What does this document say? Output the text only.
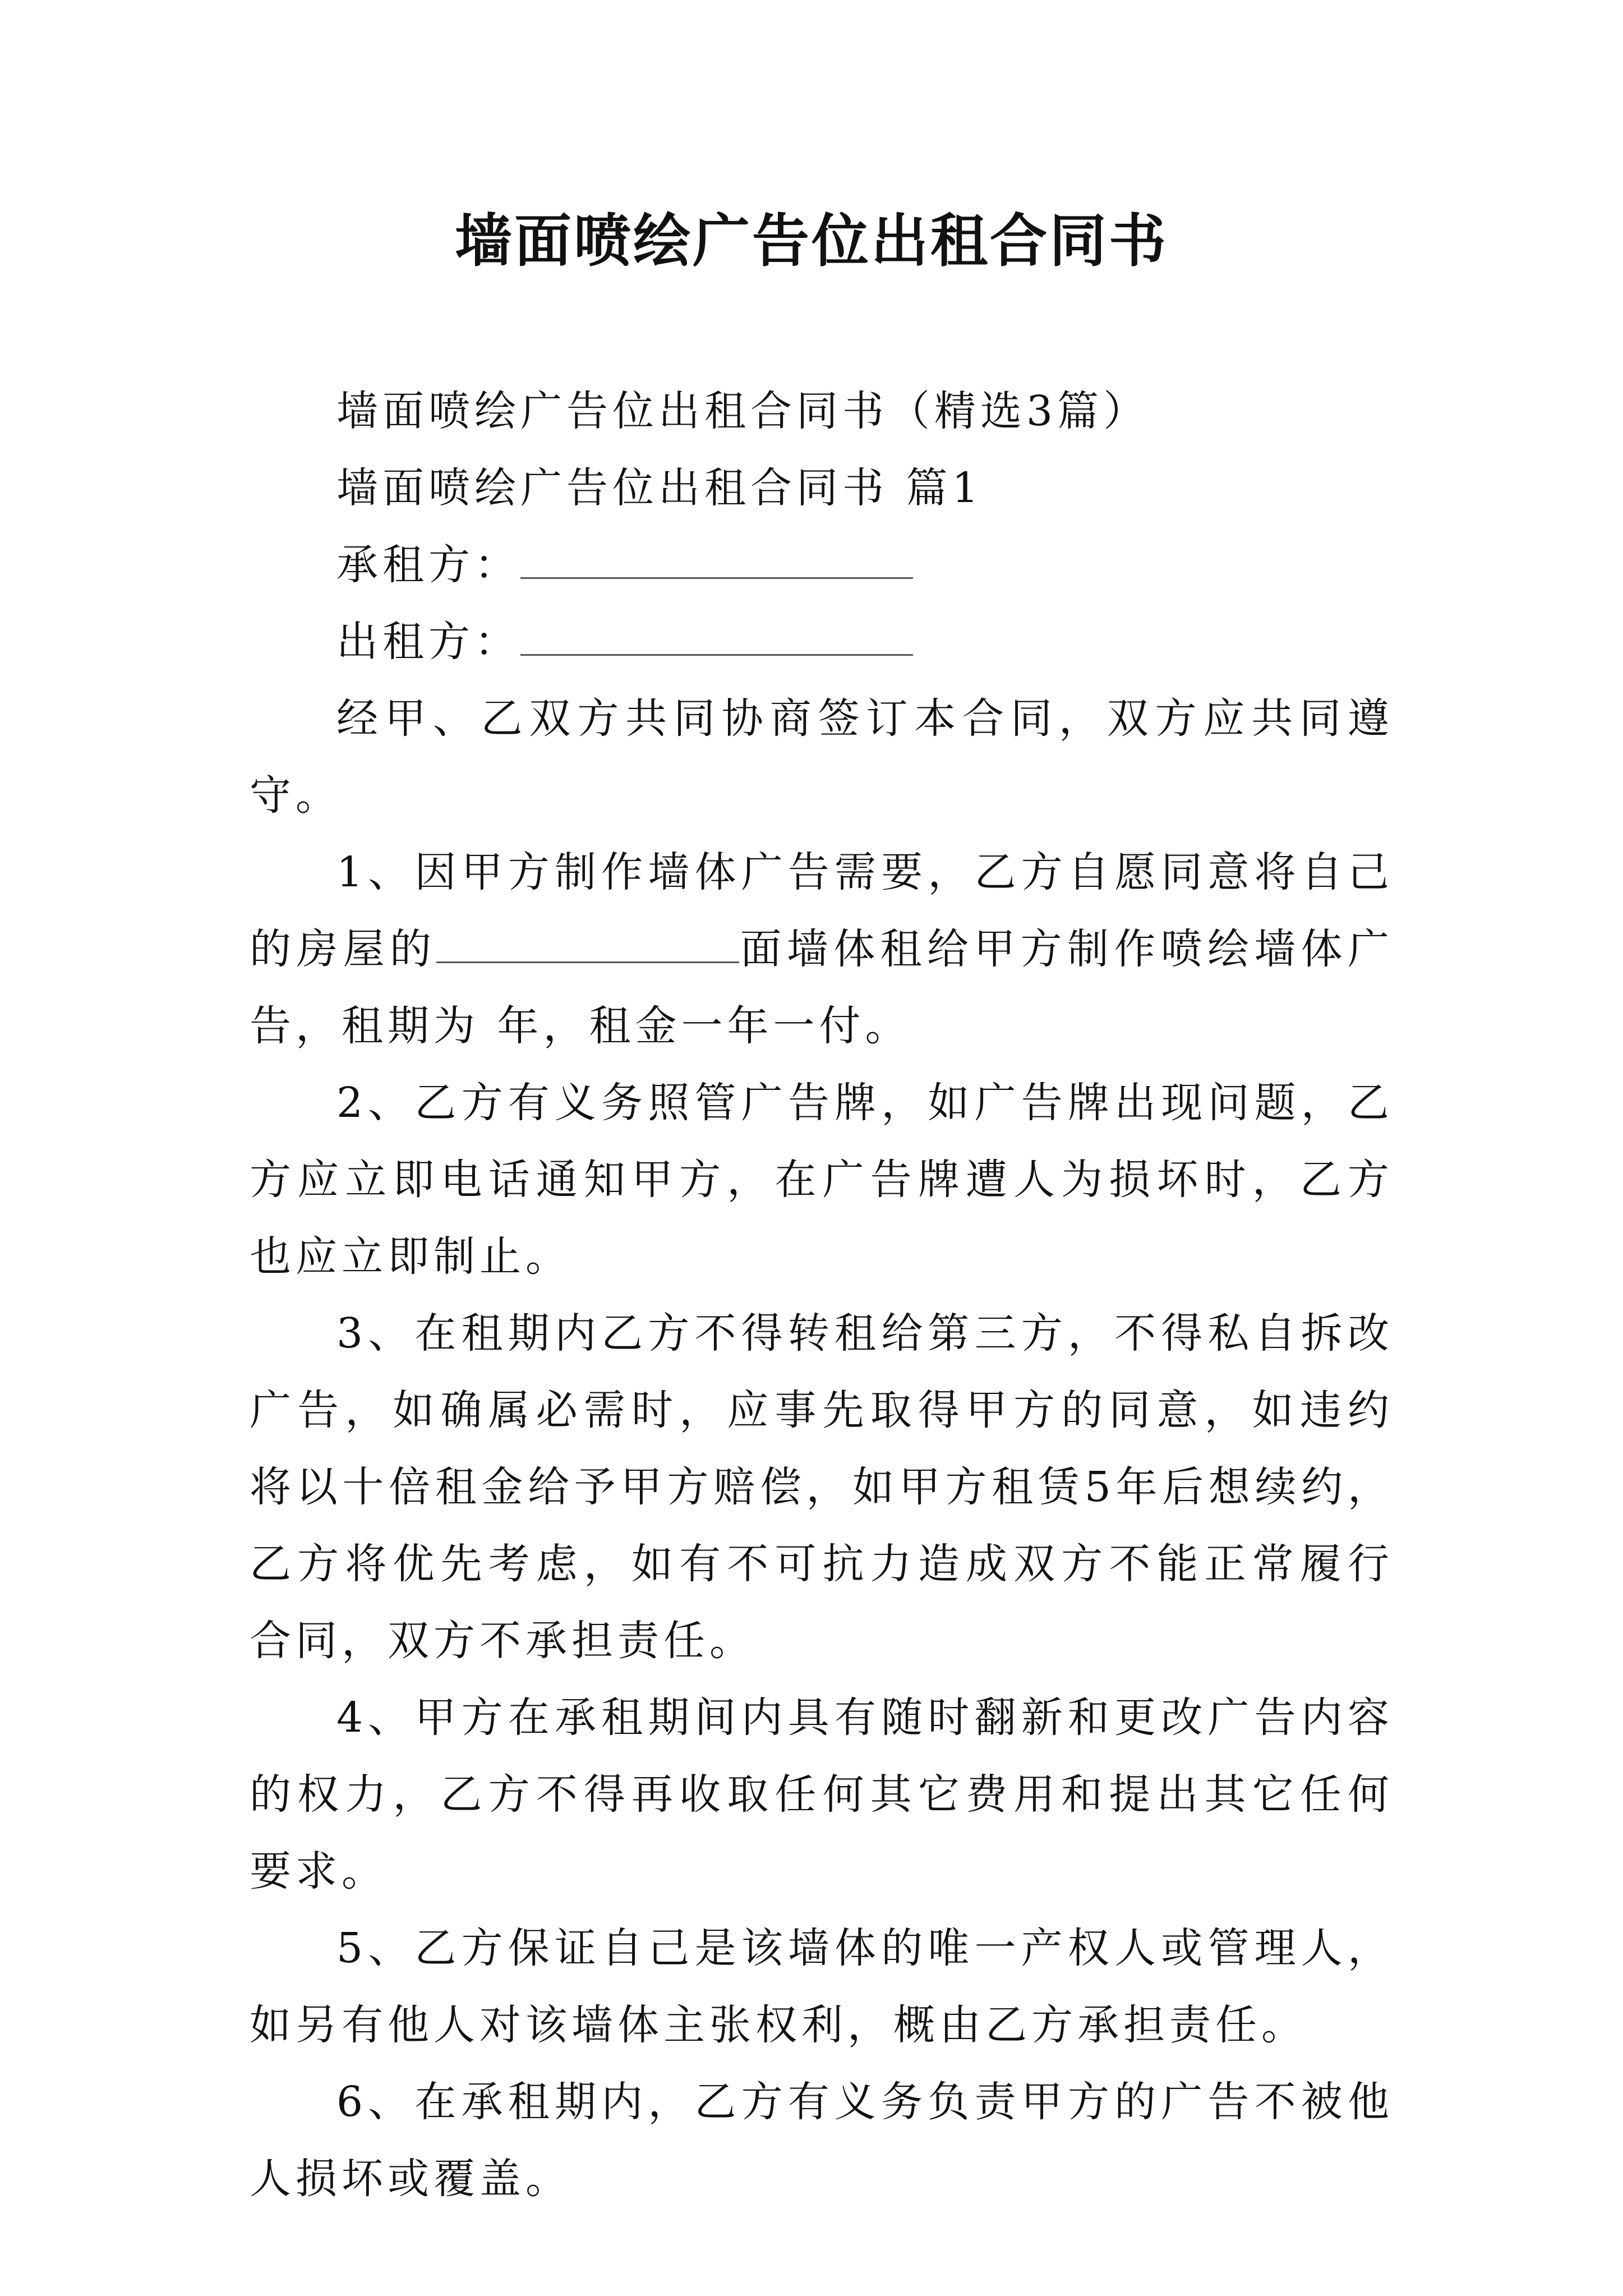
墙面喷绘广告位出租合同书
墙面喷绘广告位出租合同书（精选3篇）
墙面喷绘广告位出租合同书 篇1
承租方：
出租方：
经甲、乙双方共同协商签订本合同，双方应共同遵守。
1、因甲方制作墙体广告需要，乙方自愿同意将自己的房屋的	面墙体租给甲方制作喷绘墙体广告，租期为 年，租金一年一付。
2、乙方有义务照管广告牌，如广告牌出现问题，乙方应立即电话通知甲方，在广告牌遭人为损坏时，乙方也应立即制止。
3、在租期内乙方不得转租给第三方，不得私自拆改广告，如确属必需时，应事先取得甲方的同意，如违约将以十倍租金给予甲方赔偿，如甲方租赁5年后想续约，乙方将优先考虑，如有不可抗力造成双方不能正常履行合同，双方不承担责任。
4、甲方在承租期间内具有随时翻新和更改广告内容的权力，乙方不得再收取任何其它费用和提出其它任何要求。
5、乙方保证自己是该墙体的唯一产权人或管理人，如另有他人对该墙体主张权利，概由乙方承担责任。
6、在承租期内，乙方有义务负责甲方的广告不被他人损坏或覆盖。
